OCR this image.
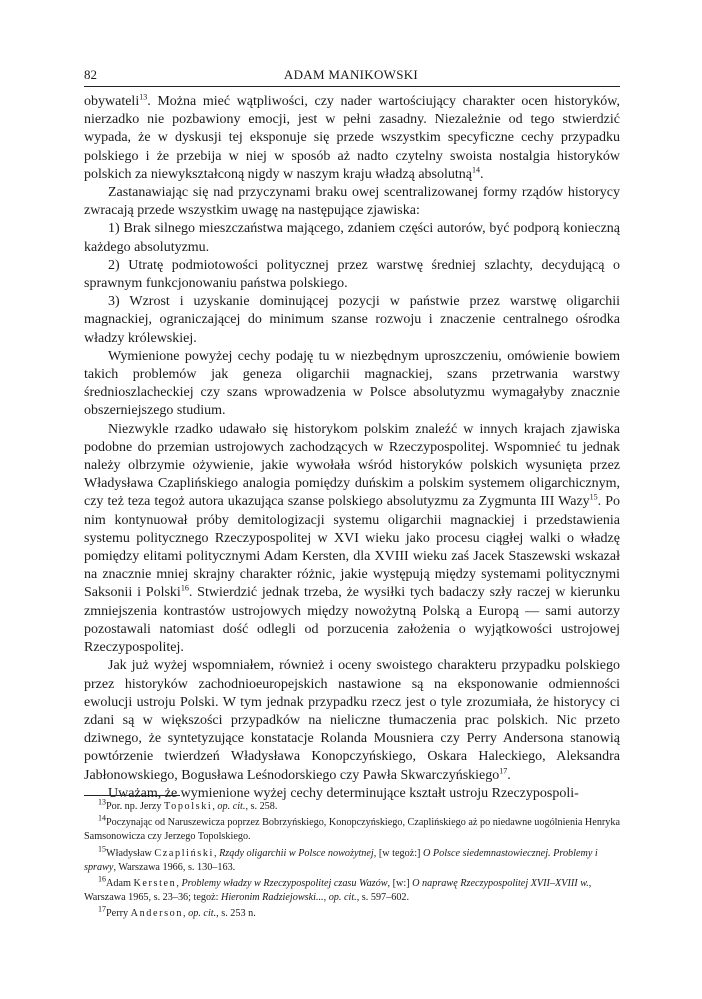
82	ADAM MANIKOWSKI

obywateli$^{13}$. Można mieć wątpliwości, czy nader wartościujący charakter ocen historyków, nierzadko nie pozbawiony emocji, jest w pełni zasadny. Niezależnie od tego stwierdzić wypada, że w dyskusji tej eksponuje się przede wszystkim specyficzne cechy przypadku polskiego i że przebija w niej w sposób aż nadto czytelny swoista nostalgia historyków polskich za niewykształconą nigdy w naszym kraju władzą absolutną$^{14}$.

Zastanawiając się nad przyczynami braku owej scentralizowanej formy rządów historycy zwracają przede wszystkim uwagę na następujące zjawiska:

1) Brak silnego mieszczaństwa mającego, zdaniem części autorów, być podporą konieczną każdego absolutyzmu.

2) Utratę podmiotowości politycznej przez warstwę średniej szlachty, decydującą o sprawnym funkcjonowaniu państwa polskiego.

3) Wzrost i uzyskanie dominującej pozycji w państwie przez warstwę oligarchii magnackiej, ograniczającej do minimum szanse rozwoju i znaczenie centralnego ośrodka władzy królewskiej.

Wymienione powyżej cechy podaję tu w niezbędnym uproszczeniu, omówienie bowiem takich problemów jak geneza oligarchii magnackiej, szans przetrwania warstwy średnioszlacheckiej czy szans wprowadzenia w Polsce absolutyzmu wymagałyby znacznie obszerniejszego studium.

Niezwykle rzadko udawało się historykom polskim znaleźć w innych krajach zjawiska podobne do przemian ustrojowych zachodzących w Rzeczypospolitej. Wspomnieć tu jednak należy olbrzymie ożywienie, jakie wywołała wśród historyków polskich wysunięta przez Władysława Czaplińskiego analogia pomiędzy duńskim a polskim systemem oligarchicznym, czy też teza tegoż autora ukazująca szanse polskiego absolutyzmu za Zygmunta III Wazy$^{15}$. Po nim kontynuował próby demitologizacji systemu oligarchii magnackiej i przedstawienia systemu politycznego Rzeczypospolitej w XVI wieku jako procesu ciągłej walki o władzę pomiędzy elitami politycznymi Adam Kersten, dla XVIII wieku zaś Jacek Staszewski wskazał na znacznie mniej skrajny charakter różnic, jakie występują między systemami politycznymi Saksonii i Polski$^{16}$. Stwierdzić jednak trzeba, że wysiłki tych badaczy szły raczej w kierunku zmniejszenia kontrastów ustrojowych między nowożytną Polską a Europą — sami autorzy pozostawali natomiast dość odlegli od porzucenia założenia o wyjątkowości ustrojowej Rzeczypospolitej.

Jak już wyżej wspomniałem, również i oceny swoistego charakteru przypadku polskiego przez historyków zachodnioeuropejskich nastawione są na eksponowanie odmienności ewolucji ustroju Polski. W tym jednak przypadku rzecz jest o tyle zrozumiała, że historycy ci zdani są w większości przypadków na nieliczne tłumaczenia prac polskich. Nic przeto dziwnego, że syntetyzujące konstatacje Rolanda Mousniera czy Perry Andersona stanowią powtórzenie twierdzeń Władysława Konopczyńskiego, Oskara Haleckiego, Aleksandra Jabłonowskiego, Bogusława Leśnodorskiego czy Pawła Skwarczyńskiego$^{17}$.

Uważam, że wymienione wyżej cechy determinujące kształt ustroju Rzeczypospoli-

$^{13}$Por. np. Jerzy Topolski, op. cit., s. 258.

$^{14}$Poczynając od Naruszewicza poprzez Bobrzyńskiego, Konopczyńskiego, Czaplińskiego aż po niedawne uogólnienia Henryka Samsonowicza czy Jerzego Topolskiego.

$^{15}$Władysław Czapliński, Rządy oligarchii w Polsce nowożytnej, [w tegoż:] O Polsce siedemnastowiecznej. Problemy i sprawy, Warszawa 1966, s. 130–163.

$^{16}$Adam Kersten, Problemy władzy w Rzeczypospolitej czasu Wazów, [w:] O naprawę Rzeczypospolitej XVII–XVIII w., Warszawa 1965, s. 23–36; tegoż: Hieronim Radziejowski..., op. cit., s. 597–602.

$^{17}$Perry Anderson, op. cit., s. 253 n.
